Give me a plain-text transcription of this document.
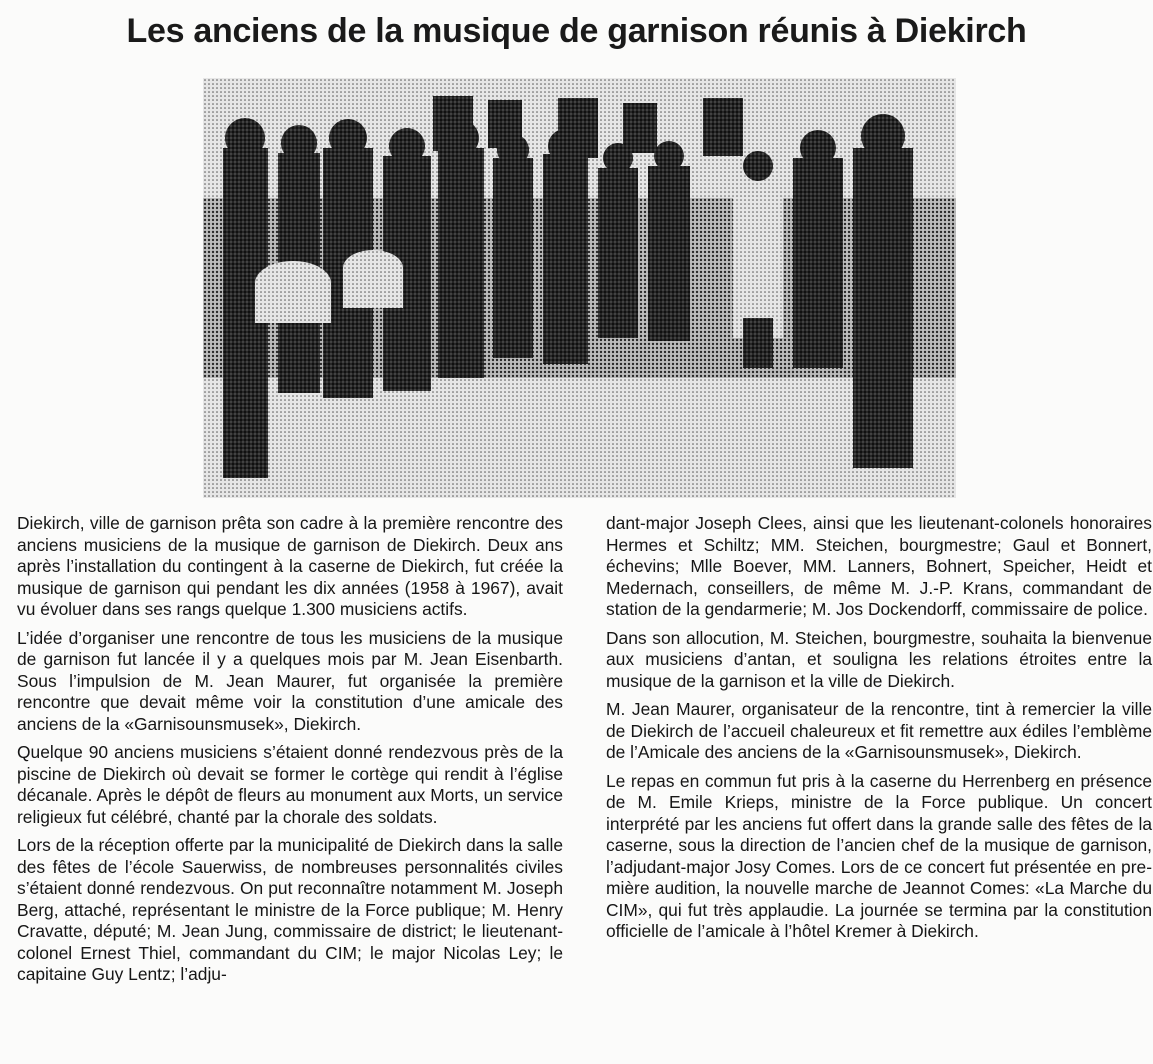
Les anciens de la musique de garnison réunis à Diekirch

Diekirch, ville de garnison prêta son cadre à la première rencontre des anciens musiciens de la musique de garnison de Diekirch. Deux ans après l’installation du contingent à la caserne de Diekirch, fut créée la musique de garnison qui pendant les dix années (1958 à 1967), avait vu évoluer dans ses rangs quelque 1.300 musiciens actifs.

L’idée d’organiser une rencontre de tous les musiciens de la musique de garnison fut lancée il y a quelques mois par M. Jean Eisenbarth. Sous l’impulsion de M. Jean Maurer, fut organisée la première rencontre que devait même voir la constitution d’une amicale des anciens de la «Garnisounsmusek», Diekirch.

Quelque 90 anciens musiciens s’étaient donné rendezvous près de la piscine de Diekirch où devait se former le cortège qui rendit à l’église décanale. Après le dépôt de fleurs au monument aux Morts, un service religieux fut célébré, chanté par la chorale des soldats.

Lors de la réception offerte par la municipalité de Diekirch dans la salle des fêtes de l’école Sauerwiss, de nombreuses personnalités civiles s’étaient donné rendezvous. On put reconnaître notamment M. Joseph Berg, attaché, représentant le ministre de la Force publique; M. Henry Cravatte, député; M. Jean Jung, commissaire de district; le lieutenant-colonel Ernest Thiel, commandant du CIM; le major Nicolas Ley; le capitaine Guy Lentz; l’adju-

dant-major Joseph Clees, ainsi que les lieutenant-colonels honoraires Hermes et Schiltz; MM. Steichen, bourgmestre; Gaul et Bonnert, échevins; Mlle Boever, MM. Lanners, Bohnert, Speicher, Heidt et Medernach, conseillers, de même M. J.-P. Krans, commandant de station de la gendarmerie; M. Jos Dockendorff, commissaire de police.

Dans son allocution, M. Steichen, bourgmestre, souhaita la bienvenue aux musiciens d’antan, et souligna les relations étroites entre la musique de la garnison et la ville de Diekirch.

M. Jean Maurer, organisateur de la rencontre, tint à remercier la ville de Diekirch de l’accueil chaleureux et fit remettre aux édiles l’emblème de l’Amicale des anciens de la «Garnisounsmusek», Diekirch.

Le repas en commun fut pris à la caserne du Herrenberg en présence de M. Emile Krieps, ministre de la Force publique. Un concert interprété par les anciens fut offert dans la grande salle des fêtes de la caserne, sous la direction de l’ancien chef de la musique de garnison, l’adjudant-major Josy Comes. Lors de ce concert fut présentée en première audition, la nouvelle marche de Jeannot Comes: «La Marche du CIM», qui fut très applaudie. La journée se termina par la constitution officielle de l’amicale à l’hôtel Kremer à Diekirch.
